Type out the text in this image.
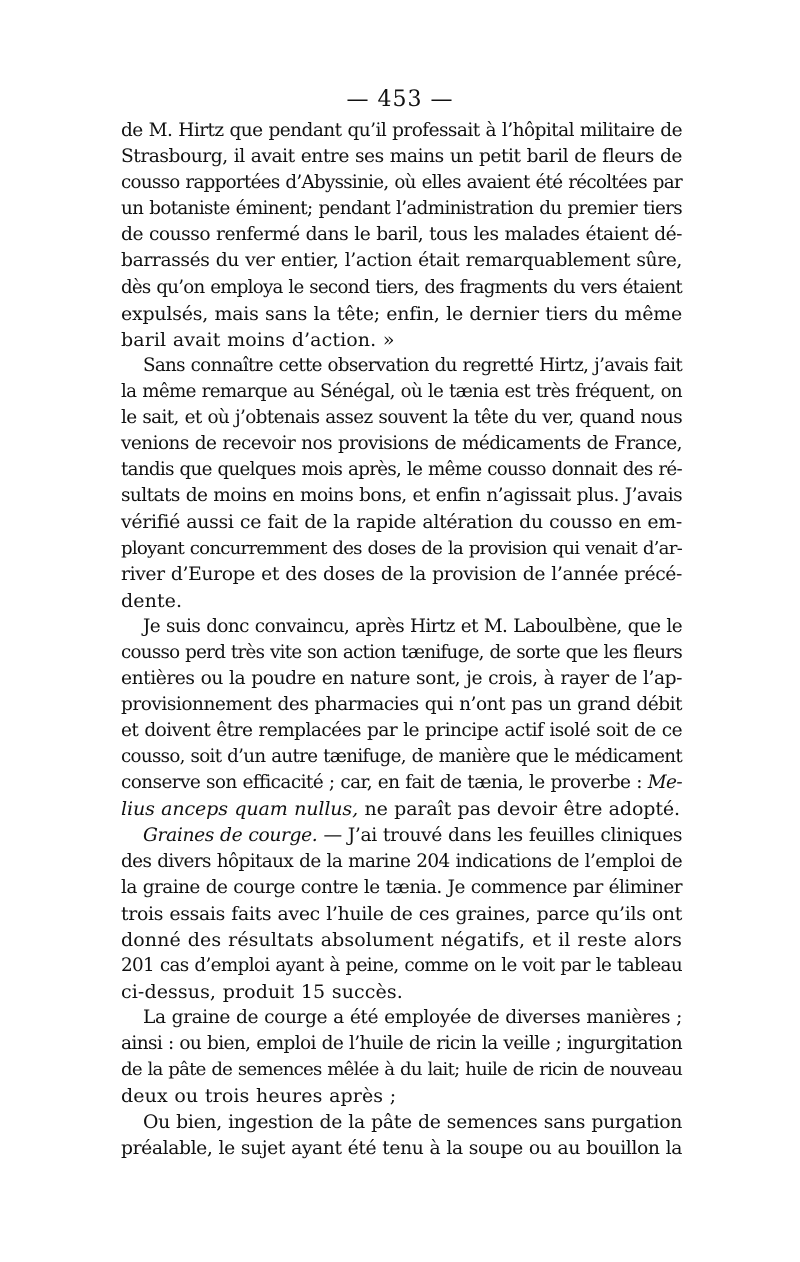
— 453 —
de M. Hirtz que pendant qu’il professait à l’hôpital militaire de
Strasbourg, il avait entre ses mains un petit baril de fleurs de
cousso rapportées d’Abyssinie, où elles avaient été récoltées par
un botaniste éminent; pendant l’administration du premier tiers
de cousso renfermé dans le baril, tous les malades étaient dé-
barrassés du ver entier, l’action était remarquablement sûre,
dès qu’on employa le second tiers, des fragments du vers étaient
expulsés, mais sans la tête; enfin, le dernier tiers du même
baril avait moins d’action. »
Sans connaître cette observation du regretté Hirtz, j’avais fait
la même remarque au Sénégal, où le tænia est très fréquent, on
le sait, et où j’obtenais assez souvent la tête du ver, quand nous
venions de recevoir nos provisions de médicaments de France,
tandis que quelques mois après, le même cousso donnait des ré-
sultats de moins en moins bons, et enfin n’agissait plus. J’avais
vérifié aussi ce fait de la rapide altération du cousso en em-
ployant concurremment des doses de la provision qui venait d’ar-
river d’Europe et des doses de la provision de l’année précé-
dente.
Je suis donc convaincu, après Hirtz et M. Laboulbène, que le
cousso perd très vite son action tænifuge, de sorte que les fleurs
entières ou la poudre en nature sont, je crois, à rayer de l’ap-
provisionnement des pharmacies qui n’ont pas un grand débit
et doivent être remplacées par le principe actif isolé soit de ce
cousso, soit d’un autre tænifuge, de manière que le médicament
conserve son efficacité ; car, en fait de tænia, le proverbe : Me-
lius anceps quam nullus, ne paraît pas devoir être adopté.
Graines de courge. — J’ai trouvé dans les feuilles cliniques
des divers hôpitaux de la marine 204 indications de l’emploi de
la graine de courge contre le tænia. Je commence par éliminer
trois essais faits avec l’huile de ces graines, parce qu’ils ont
donné des résultats absolument négatifs, et il reste alors
201 cas d’emploi ayant à peine, comme on le voit par le tableau
ci-dessus, produit 15 succès.
La graine de courge a été employée de diverses manières ;
ainsi : ou bien, emploi de l’huile de ricin la veille ; ingurgitation
de la pâte de semences mêlée à du lait; huile de ricin de nouveau
deux ou trois heures après ;
Ou bien, ingestion de la pâte de semences sans purgation
préalable, le sujet ayant été tenu à la soupe ou au bouillon la
